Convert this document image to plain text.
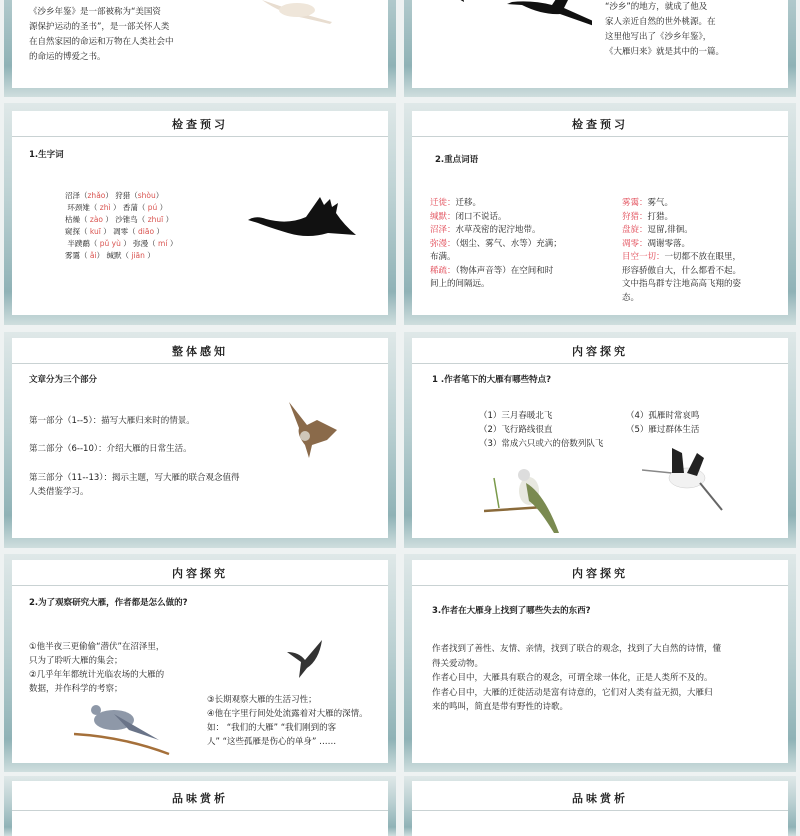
《沙乡年鉴》是一部被称为“美国资
源保护运动的圣书”，是一部关怀人类
在自然家园的命运和万物在人类社会中
的命运的博爱之书。
“沙乡”的地方，就成了他及
家人亲近自然的世外桃源。在
这里他写出了《沙乡年鉴》，
《大雁归来》就是其中的一篇。
检查预习
1.生字词
沼泽（zhǎo） 狩猎（shòu）
环颈雉（ zhì ） 香蒲（ pú ）
枯燥（ zào ） 沙锥鸟（ zhuī ）
窥探（ kuī ） 凋零（ diāo ）
半蹼鹬（ pǔ yù ） 弥漫（ mí ）
雾霭（ ǎi） 缄默（ jiān ）
检查预习
2.重点词语
迁徙：迁移。
缄默：闭口不说话。
沼泽：水草茂密的泥泞地带。
弥漫：（烟尘、雾气、水等）充满；
布满。
稀疏：（物体声音等）在空间和时
间上的间隔远。
雾霭：雾气。
狩猎：打猎。
盘旋：逗留,徘徊。
凋零：凋谢零落。
目空一切：一切都不放在眼里，
形容骄傲自大，什么都看不起。
文中指鸟群专注地高高飞翔的姿
态。
整体感知
文章分为三个部分
第一部分（1--5）：描写大雁归来时的情景。
第二部分（6--10）：介绍大雁的日常生活。
第三部分（11--13）：揭示主题，写大雁的联合观念值得
人类借鉴学习。
内容探究
1 .作者笔下的大雁有哪些特点?
（1）三月春暖北飞
（2）飞行路线很直
（3）常成六只或六的倍数列队飞
（4）孤雁时常哀鸣
（5）雁过群体生活
内容探究
2.为了观察研究大雁，作者都是怎么做的?
①他半夜三更偷偷“潜伏”在沼泽里，
只为了聆听大雁的集会；
②几乎年年都统计光临农场的大雁的
数据，并作科学的考察；
③长期观察大雁的生活习性；
④他在字里行间处处流露着对大雁的深情。
如： “我们的大雁” “我们刚到的客
人” “这些孤雁是伤心的单身” ……
内容探究
3.作者在大雁身上找到了哪些失去的东西?
作者找到了善性、友情、亲情，找到了联合的观念，找到了大自然的诗情，懂
得关爱动物。
作者心目中，大雁具有联合的观念，可谓全球一体化，正是人类所不及的。
作者心目中，大雁的迁徙活动是富有诗意的，它们对人类有益无损，大雁归
来的鸣叫，简直是带有野性的诗歌。
品味赏析	品味赏析
